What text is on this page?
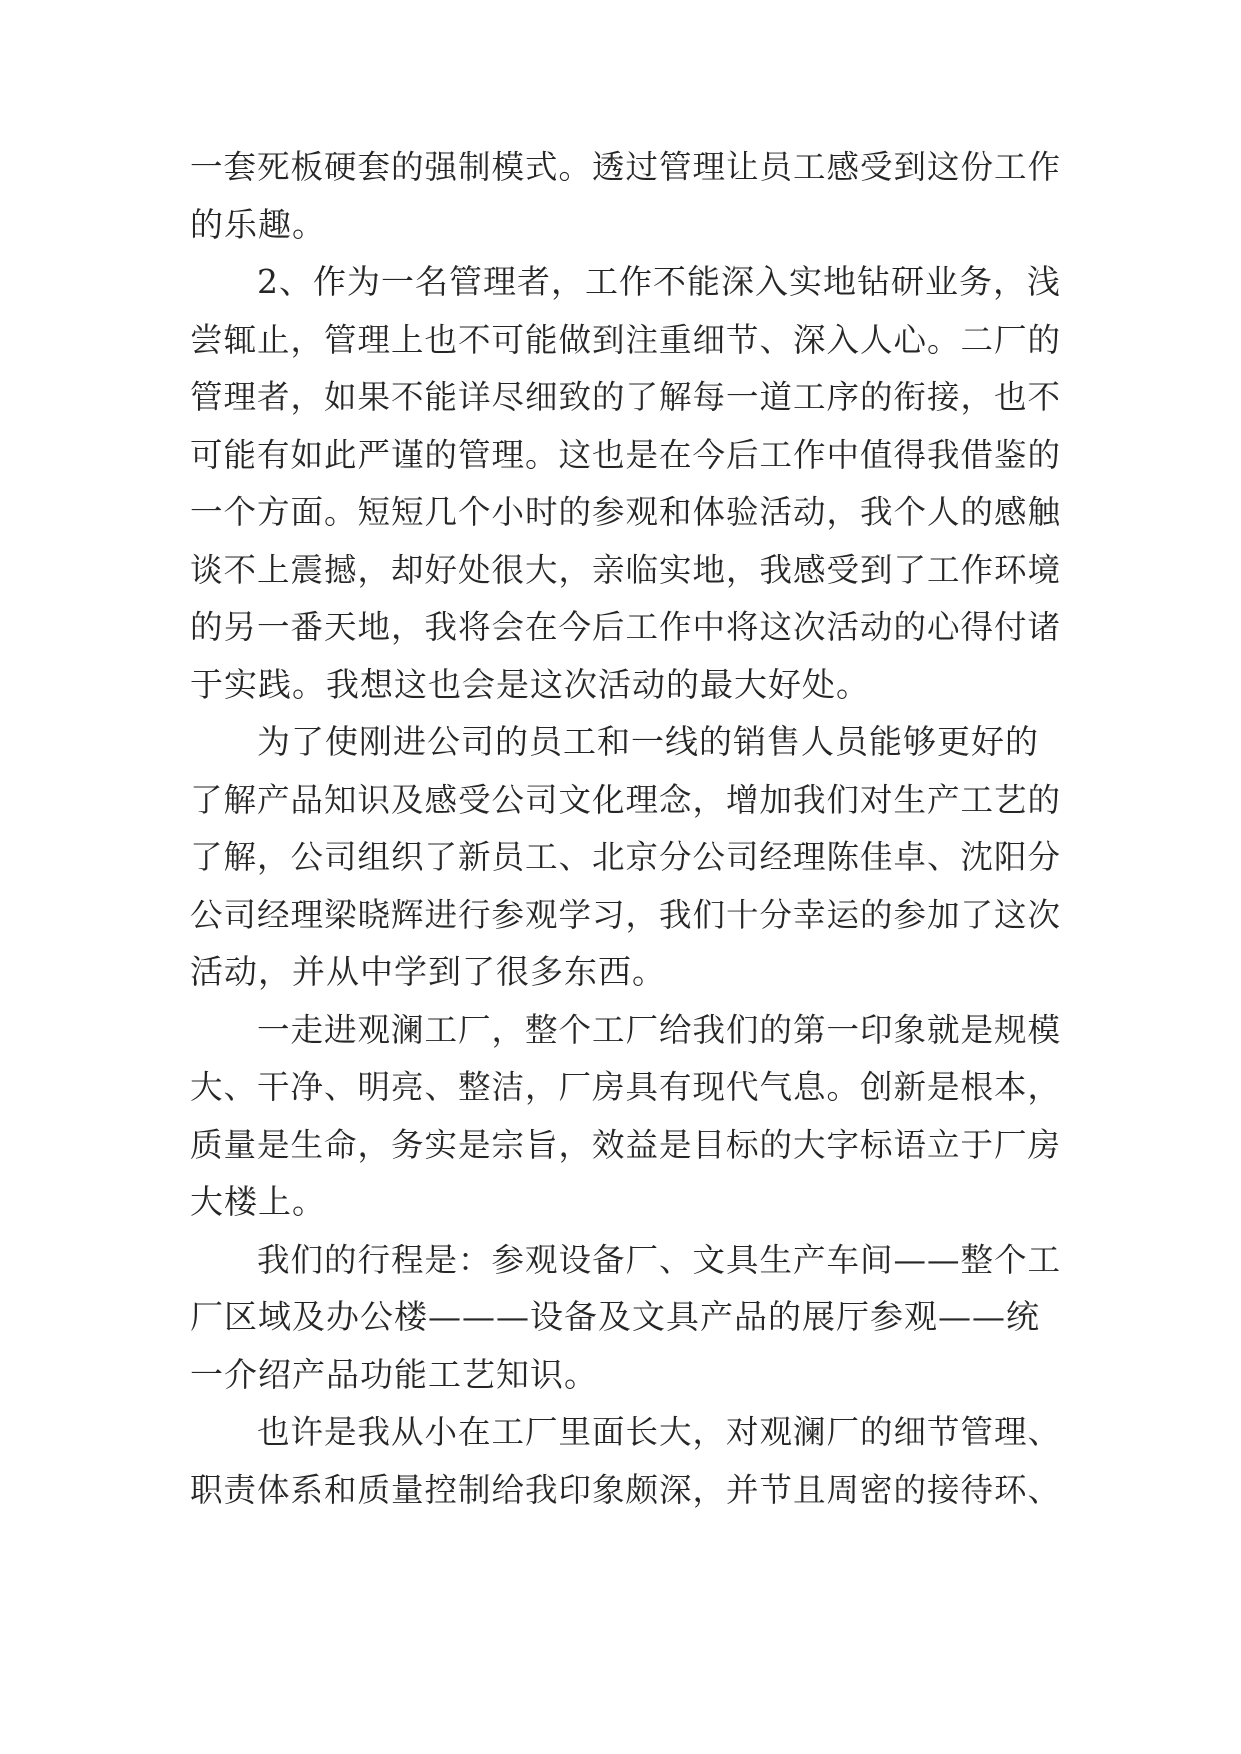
一套死板硬套的强制模式。透过管理让员工感受到这份工作
的乐趣。
2、作为一名管理者，工作不能深入实地钻研业务，浅
尝辄止，管理上也不可能做到注重细节、深入人心。二厂的
管理者，如果不能详尽细致的了解每一道工序的衔接，也不
可能有如此严谨的管理。这也是在今后工作中值得我借鉴的
一个方面。短短几个小时的参观和体验活动，我个人的感触
谈不上震撼，却好处很大，亲临实地，我感受到了工作环境
的另一番天地，我将会在今后工作中将这次活动的心得付诸
于实践。我想这也会是这次活动的最大好处。
为了使刚进公司的员工和一线的销售人员能够更好的
了解产品知识及感受公司文化理念，增加我们对生产工艺的
了解，公司组织了新员工、北京分公司经理陈佳卓、沈阳分
公司经理梁晓辉进行参观学习，我们十分幸运的参加了这次
活动，并从中学到了很多东西。
一走进观澜工厂，整个工厂给我们的第一印象就是规模
大、干净、明亮、整洁，厂房具有现代气息。创新是根本，
质量是生命，务实是宗旨，效益是目标的大字标语立于厂房
大楼上。
我们的行程是：参观设备厂、文具生产车间——整个工
厂区域及办公楼———设备及文具产品的展厅参观——统
一介绍产品功能工艺知识。
也许是我从小在工厂里面长大，对观澜厂的细节管理、
职责体系和质量控制给我印象颇深，并节且周密的接待环、
